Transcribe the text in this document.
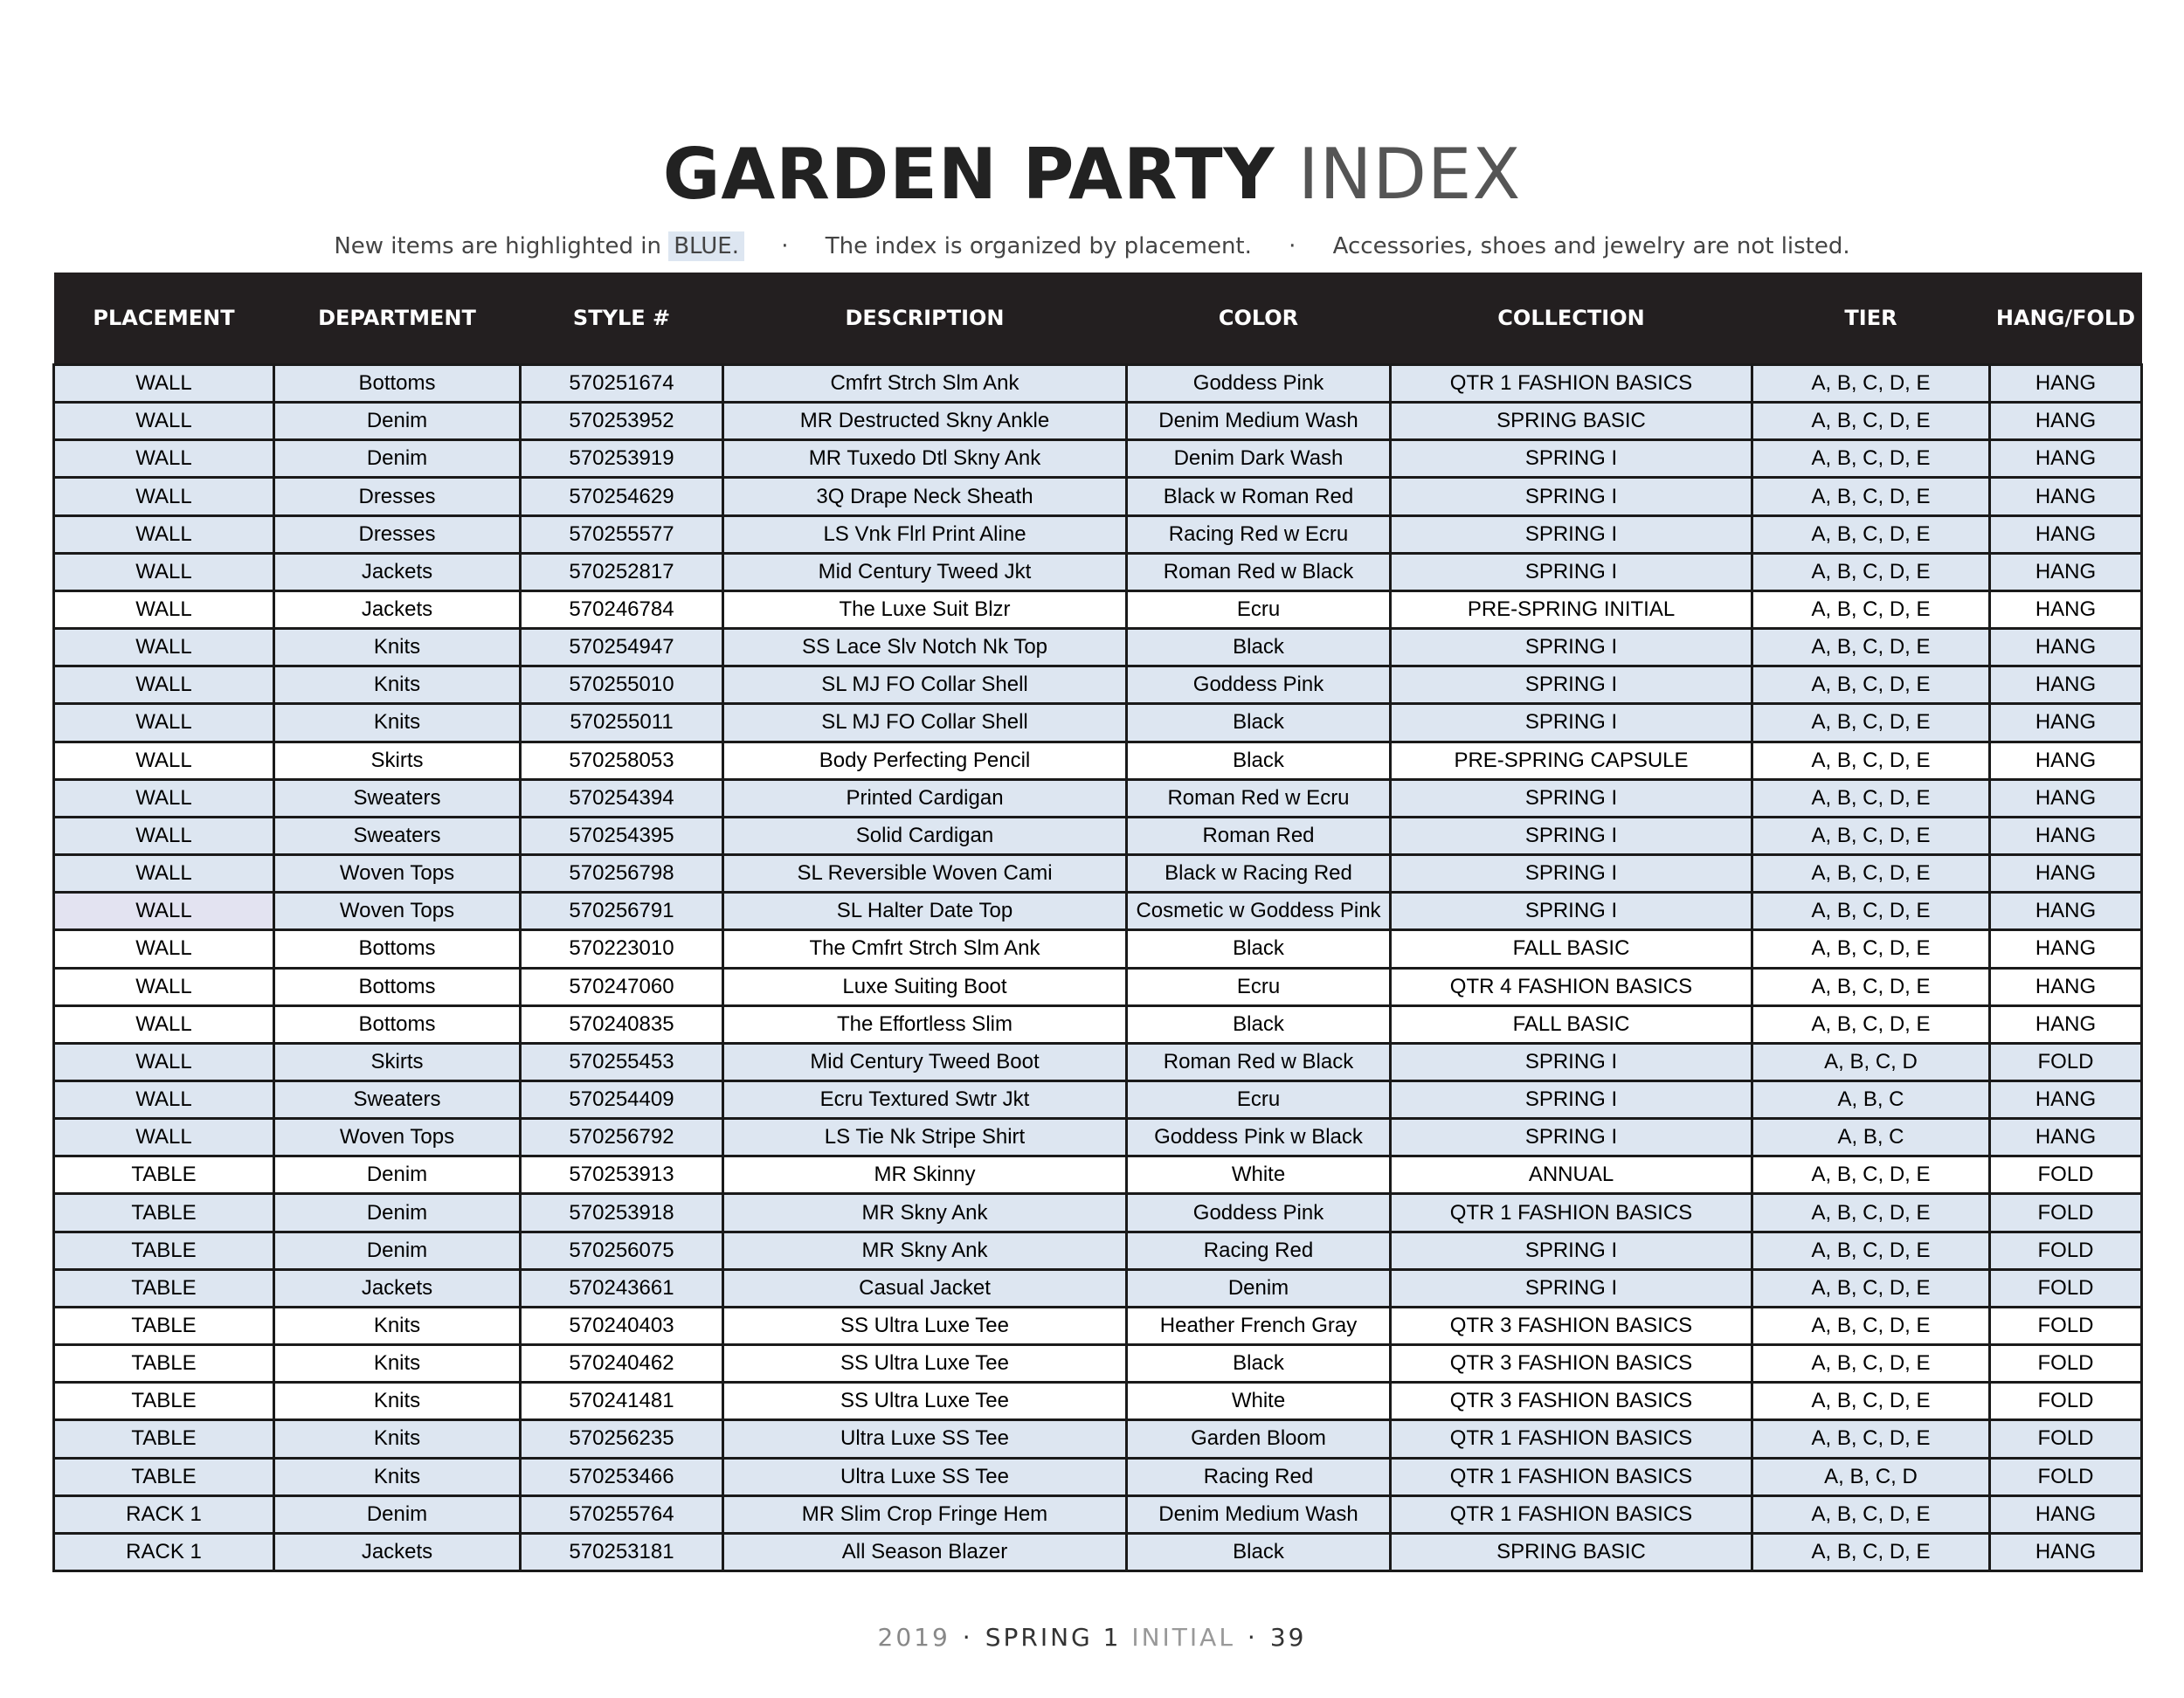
GARDEN PARTY INDEX
New items are highlighted in BLUE. · The index is organized by placement. · Accessories, shoes and jewelry are not listed.
PLACEMENT	DEPARTMENT	STYLE #	DESCRIPTION	COLOR	COLLECTION	TIER	HANG/FOLD
WALL	Bottoms	570251674	Cmfrt Strch Slm Ank	Goddess Pink	QTR 1 FASHION BASICS	A, B, C, D, E	HANG
WALL	Denim	570253952	MR Destructed Skny Ankle	Denim Medium Wash	SPRING BASIC	A, B, C, D, E	HANG
WALL	Denim	570253919	MR Tuxedo Dtl Skny Ank	Denim Dark Wash	SPRING I	A, B, C, D, E	HANG
WALL	Dresses	570254629	3Q Drape Neck Sheath	Black w Roman Red	SPRING I	A, B, C, D, E	HANG
WALL	Dresses	570255577	LS Vnk Flrl Print Aline	Racing Red w Ecru	SPRING I	A, B, C, D, E	HANG
WALL	Jackets	570252817	Mid Century Tweed Jkt	Roman Red w Black	SPRING I	A, B, C, D, E	HANG
WALL	Jackets	570246784	The Luxe Suit Blzr	Ecru	PRE-SPRING INITIAL	A, B, C, D, E	HANG
WALL	Knits	570254947	SS Lace Slv Notch Nk Top	Black	SPRING I	A, B, C, D, E	HANG
WALL	Knits	570255010	SL MJ FO Collar Shell	Goddess Pink	SPRING I	A, B, C, D, E	HANG
WALL	Knits	570255011	SL MJ FO Collar Shell	Black	SPRING I	A, B, C, D, E	HANG
WALL	Skirts	570258053	Body Perfecting Pencil	Black	PRE-SPRING CAPSULE	A, B, C, D, E	HANG
WALL	Sweaters	570254394	Printed Cardigan	Roman Red w Ecru	SPRING I	A, B, C, D, E	HANG
WALL	Sweaters	570254395	Solid Cardigan	Roman Red	SPRING I	A, B, C, D, E	HANG
WALL	Woven Tops	570256798	SL Reversible Woven Cami	Black w Racing Red	SPRING I	A, B, C, D, E	HANG
WALL	Woven Tops	570256791	SL Halter Date Top	Cosmetic w Goddess Pink	SPRING I	A, B, C, D, E	HANG
WALL	Bottoms	570223010	The Cmfrt Strch Slm Ank	Black	FALL BASIC	A, B, C, D, E	HANG
WALL	Bottoms	570247060	Luxe Suiting Boot	Ecru	QTR 4 FASHION BASICS	A, B, C, D, E	HANG
WALL	Bottoms	570240835	The Effortless Slim	Black	FALL BASIC	A, B, C, D, E	HANG
WALL	Skirts	570255453	Mid Century Tweed Boot	Roman Red w Black	SPRING I	A, B, C, D	FOLD
WALL	Sweaters	570254409	Ecru Textured Swtr Jkt	Ecru	SPRING I	A, B, C	HANG
WALL	Woven Tops	570256792	LS Tie Nk Stripe Shirt	Goddess Pink w Black	SPRING I	A, B, C	HANG
TABLE	Denim	570253913	MR Skinny	White	ANNUAL	A, B, C, D, E	FOLD
TABLE	Denim	570253918	MR Skny Ank	Goddess Pink	QTR 1 FASHION BASICS	A, B, C, D, E	FOLD
TABLE	Denim	570256075	MR Skny Ank	Racing Red	SPRING I	A, B, C, D, E	FOLD
TABLE	Jackets	570243661	Casual Jacket	Denim	SPRING I	A, B, C, D, E	FOLD
TABLE	Knits	570240403	SS Ultra Luxe Tee	Heather French Gray	QTR 3 FASHION BASICS	A, B, C, D, E	FOLD
TABLE	Knits	570240462	SS Ultra Luxe Tee	Black	QTR 3 FASHION BASICS	A, B, C, D, E	FOLD
TABLE	Knits	570241481	SS Ultra Luxe Tee	White	QTR 3 FASHION BASICS	A, B, C, D, E	FOLD
TABLE	Knits	570256235	Ultra Luxe SS Tee	Garden Bloom	QTR 1 FASHION BASICS	A, B, C, D, E	FOLD
TABLE	Knits	570253466	Ultra Luxe SS Tee	Racing Red	QTR 1 FASHION BASICS	A, B, C, D	FOLD
RACK 1	Denim	570255764	MR Slim Crop Fringe Hem	Denim Medium Wash	QTR 1 FASHION BASICS	A, B, C, D, E	HANG
RACK 1	Jackets	570253181	All Season Blazer	Black	SPRING BASIC	A, B, C, D, E	HANG
2019 · SPRING 1 INITIAL · 39
